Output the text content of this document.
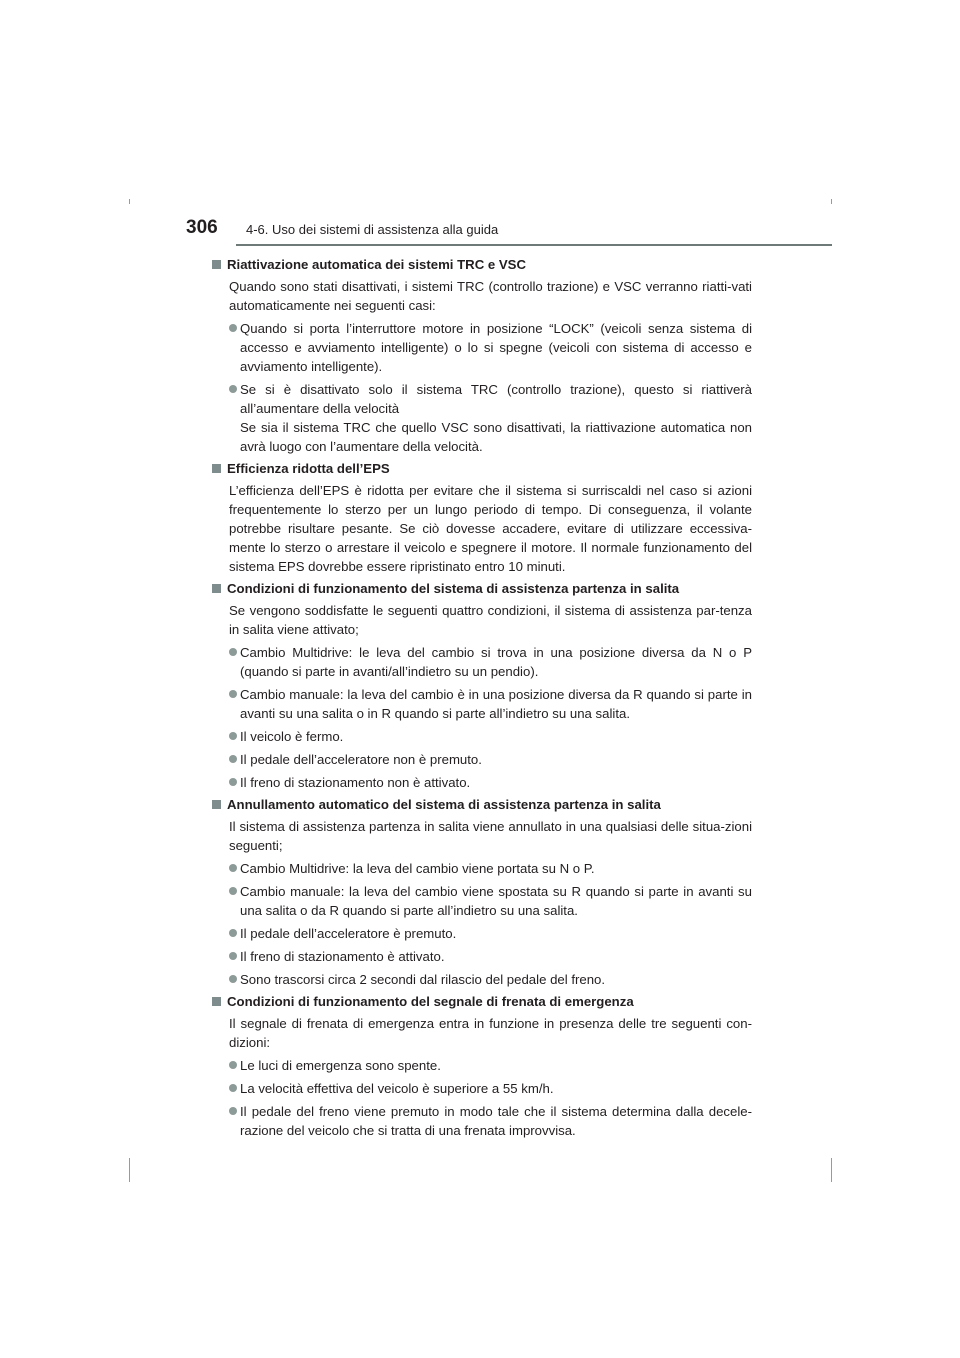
306 4-6. Uso dei sistemi di assistenza alla guida
Riattivazione automatica dei sistemi TRC e VSC
Quando sono stati disattivati, i sistemi TRC (controllo trazione) e VSC verranno riatti-vati automaticamente nei seguenti casi:
Quando si porta l’interruttore motore in posizione “LOCK” (veicoli senza sistema di accesso e avviamento intelligente) o lo si spegne (veicoli con sistema di accesso e avviamento intelligente).
Se si è disattivato solo il sistema TRC (controllo trazione), questo si riattiverà all’aumentare della velocità
Se sia il sistema TRC che quello VSC sono disattivati, la riattivazione automatica non avrà luogo con l’aumentare della velocità.
Efficienza ridotta dell’EPS
L’efficienza dell’EPS è ridotta per evitare che il sistema si surriscaldi nel caso si azioni frequentemente lo sterzo per un lungo periodo di tempo. Di conseguenza, il volante potrebbe risultare pesante. Se ciò dovesse accadere, evitare di utilizzare eccessiva-mente lo sterzo o arrestare il veicolo e spegnere il motore. Il normale funzionamento del sistema EPS dovrebbe essere ripristinato entro 10 minuti.
Condizioni di funzionamento del sistema di assistenza partenza in salita
Se vengono soddisfatte le seguenti quattro condizioni, il sistema di assistenza par-tenza in salita viene attivato;
Cambio Multidrive: le leva del cambio si trova in una posizione diversa da N o P (quando si parte in avanti/all’indietro su un pendio).
Cambio manuale: la leva del cambio è in una posizione diversa da R quando si parte in avanti su una salita o in R quando si parte all’indietro su una salita.
Il veicolo è fermo.
Il pedale dell’acceleratore non è premuto.
Il freno di stazionamento non è attivato.
Annullamento automatico del sistema di assistenza partenza in salita
Il sistema di assistenza partenza in salita viene annullato in una qualsiasi delle situa-zioni seguenti;
Cambio Multidrive: la leva del cambio viene portata su N o P.
Cambio manuale: la leva del cambio viene spostata su R quando si parte in avanti su una salita o da R quando si parte all’indietro su una salita.
Il pedale dell’acceleratore è premuto.
Il freno di stazionamento è attivato.
Sono trascorsi circa 2 secondi dal rilascio del pedale del freno.
Condizioni di funzionamento del segnale di frenata di emergenza
Il segnale di frenata di emergenza entra in funzione in presenza delle tre seguenti con-dizioni:
Le luci di emergenza sono spente.
La velocità effettiva del veicolo è superiore a 55 km/h.
Il pedale del freno viene premuto in modo tale che il sistema determina dalla decele-razione del veicolo che si tratta di una frenata improvvisa.
